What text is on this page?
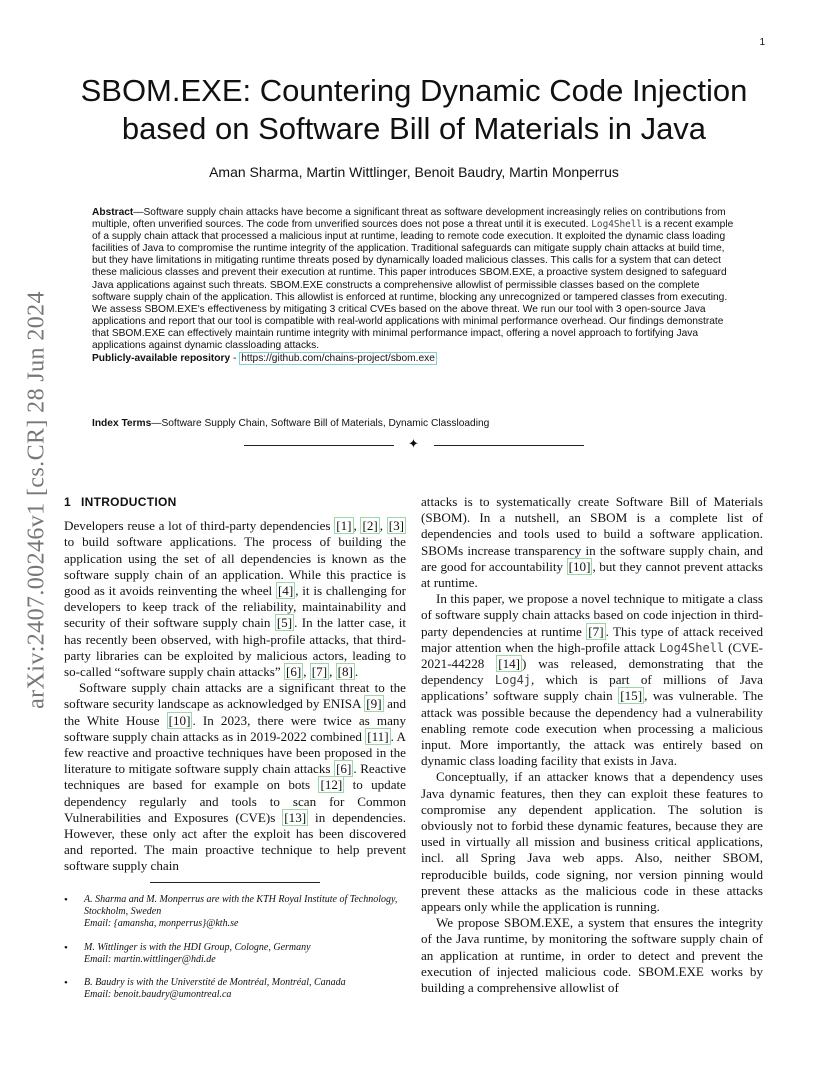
1
arXiv:2407.00246v1 [cs.CR] 28 Jun 2024
SBOM.EXE: Countering Dynamic Code Injection
based on Software Bill of Materials in Java
Aman Sharma, Martin Wittlinger, Benoit Baudry, Martin Monperrus

Abstract—Software supply chain attacks have become a significant threat as software development increasingly relies on contributions from multiple, often unverified sources. The code from unverified sources does not pose a threat until it is executed. Log4Shell is a recent example of a supply chain attack that processed a malicious input at runtime, leading to remote code execution. It exploited the dynamic class loading facilities of Java to compromise the runtime integrity of the application. Traditional safeguards can mitigate supply chain attacks at build time, but they have limitations in mitigating runtime threats posed by dynamically loaded malicious classes. This calls for a system that can detect these malicious classes and prevent their execution at runtime. This paper introduces SBOM.EXE, a proactive system designed to safeguard Java applications against such threats. SBOM.EXE constructs a comprehensive allowlist of permissible classes based on the complete software supply chain of the application. This allowlist is enforced at runtime, blocking any unrecognized or tampered classes from executing. We assess SBOM.EXE's effectiveness by mitigating 3 critical CVEs based on the above threat. We run our tool with 3 open-source Java applications and report that our tool is compatible with real-world applications with minimal performance overhead. Our findings demonstrate that SBOM.EXE can effectively maintain runtime integrity with minimal performance impact, offering a novel approach to fortifying Java applications against dynamic classloading attacks.

Publicly-available repository - https://github.com/chains-project/sbom.exe

Index Terms—Software Supply Chain, Software Bill of Materials, Dynamic Classloading
✦
1 INTRODUCTION

Developers reuse a lot of third-party dependencies [1] , [2] , [3] to build software applications. The process of building the application using the set of all dependencies is known as the software supply chain of an application. While this practice is good as it avoids reinventing the wheel [4] , it is challenging for developers to keep track of the reliability, maintainability and security of their software supply chain [5] . In the latter case, it has recently been observed, with high-profile attacks, that third-party libraries can be exploited by malicious actors, leading to so-called “software supply chain attacks” [6] , [7] , [8] .

Software supply chain attacks are a significant threat to the software security landscape as acknowledged by ENISA [9] and the White House [10] . In 2023, there were twice as many software supply chain attacks as in 2019-2022 combined [11] . A few reactive and proactive techniques have been proposed in the literature to mitigate software supply chain attacks [6] . Reactive techniques are based for example on bots [12] to update dependency regularly and tools to scan for Common Vulnerabilities and Exposures (CVE)s [13] in dependencies. However, these only act after the exploit has been discovered and reported. The main proactive technique to help prevent software supply chain

• A. Sharma and M. Monperrus are with the KTH Royal Institute of Technology, Stockholm, Sweden
Email: {amansha, monperrus}@kth.se
• M. Wittlinger is with the HDI Group, Cologne, Germany
Email: martin.wittlinger@hdi.de
• B. Baudry is with the Universtité de Montréal, Montréal, Canada
Email: benoit.baudry@umontreal.ca

attacks is to systematically create Software Bill of Materials (SBOM). In a nutshell, an SBOM is a complete list of dependencies and tools used to build a software application. SBOMs increase transparency in the software supply chain, and are good for accountability [10] , but they cannot prevent attacks at runtime.

In this paper, we propose a novel technique to mitigate a class of software supply chain attacks based on code injection in third-party dependencies at runtime [7] . This type of attack received major attention when the high-profile attack Log4Shell (CVE-2021-44228 [14] ) was released, demonstrating that the dependency Log4j, which is part of millions of Java applications’ software supply chain [15] , was vulnerable. The attack was possible because the dependency had a vulnerability enabling remote code execution when processing a malicious input. More importantly, the attack was entirely based on dynamic class loading facility that exists in Java.

Conceptually, if an attacker knows that a dependency uses Java dynamic features, then they can exploit these features to compromise any dependent application. The solution is obviously not to forbid these dynamic features, because they are used in virtually all mission and business critical applications, incl. all Spring Java web apps. Also, neither SBOM, reproducible builds, code signing, nor version pinning would prevent these attacks as the malicious code in these attacks appears only while the application is running.

We propose SBOM.EXE, a system that ensures the integrity of the Java runtime, by monitoring the software supply chain of an application at runtime, in order to detect and prevent the execution of injected malicious code. SBOM.EXE works by building a comprehensive allowlist of
